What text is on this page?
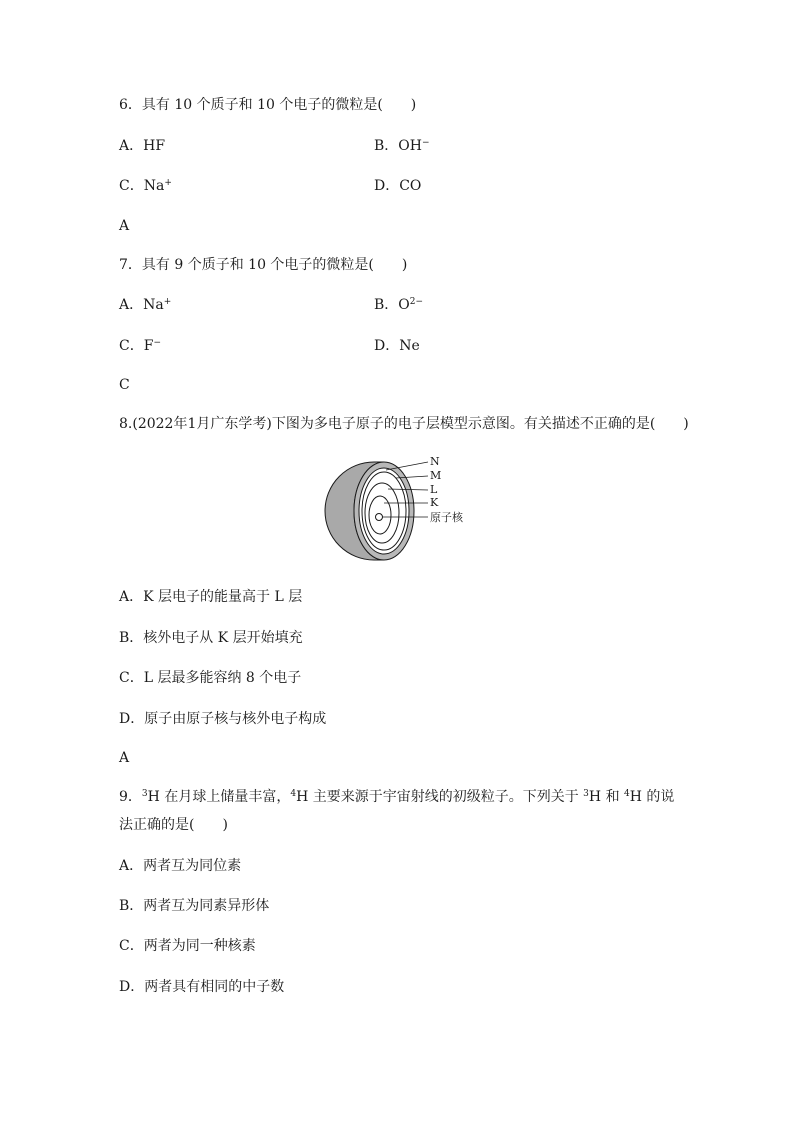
6．具有 10 个质子和 10 个电子的微粒是(　　)
A．HF	B．OH−
C．Na+	D．CO
A
7．具有 9 个质子和 10 个电子的微粒是(　　)
A．Na+	B．$O^{2-}$
C．F−	D．Ne
C
8.(2022年1月广东学考)下图为多电子原子的电子层模型示意图。有关描述不正确的是(　　)
N
M
L
K
原子核
A．K 层电子的能量高于 L 层
B．核外电子从 K 层开始填充
C．L 层最多能容纳 8 个电子
D．原子由原子核与核外电子构成
A
9．$^3$H 在月球上储量丰富，$^4$H 主要来源于宇宙射线的初级粒子。下列关于 $^3$H 和 $^4$H 的说法正确的是(　　)
A．两者互为同位素
B．两者互为同素异形体
C．两者为同一种核素
D．两者具有相同的中子数
